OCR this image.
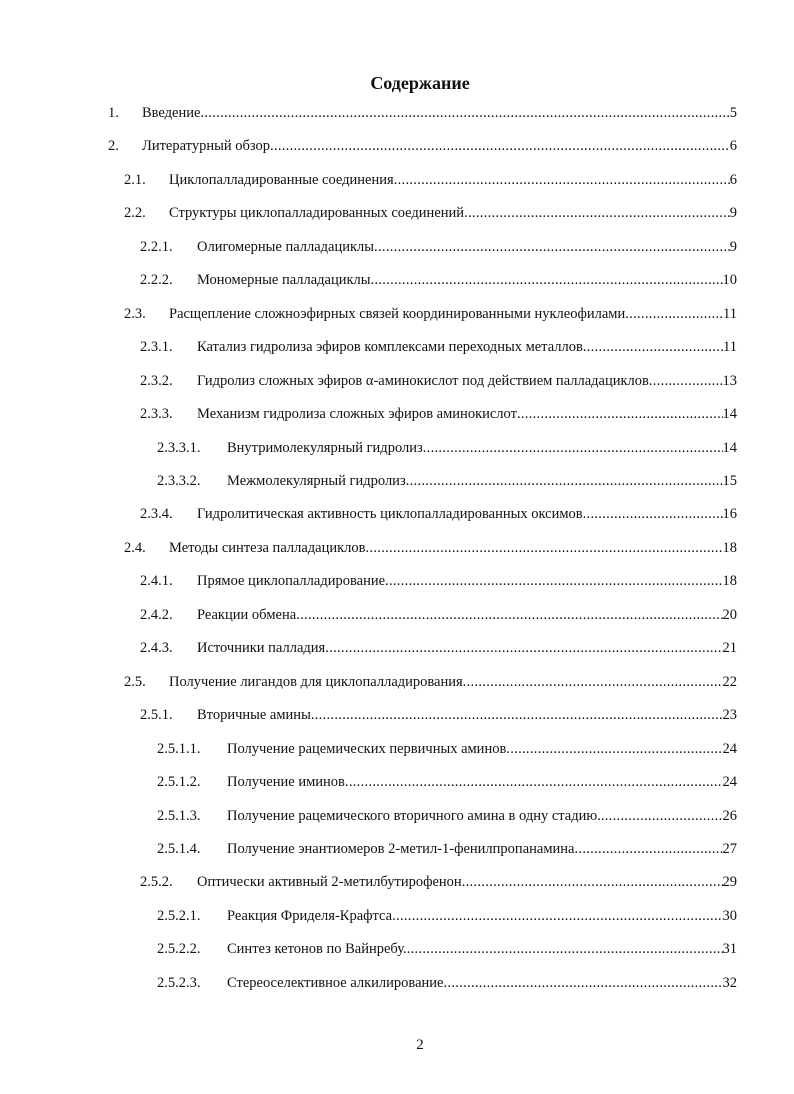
Содержание
1. Введение .....	5
2. Литературный обзор .....	6
2.1. Циклопалладированные соединения .....	6
2.2. Структуры циклопалладированных соединений .....	9
2.2.1. Олигомерные палладациклы .....	9
2.2.2. Мономерные палладациклы .....	10
2.3. Расщепление сложноэфирных связей координированными нуклеофилами .....	11
2.3.1. Катализ гидролиза эфиров комплексами переходных металлов .....	11
2.3.2. Гидролиз сложных эфиров α-аминокислот под действием палладациклов .....	13
2.3.3. Механизм гидролиза сложных эфиров аминокислот .....	14
2.3.3.1. Внутримолекулярный гидролиз .....	14
2.3.3.2. Межмолекулярный гидролиз .....	15
2.3.4. Гидролитическая активность циклопалладированных оксимов .....	16
2.4. Методы синтеза палладациклов .....	18
2.4.1. Прямое циклопалладирование .....	18
2.4.2. Реакции обмена .....	20
2.4.3. Источники палладия .....	21
2.5. Получение лигандов для циклопалладирования .....	22
2.5.1. Вторичные амины .....	23
2.5.1.1. Получение рацемических первичных аминов .....	24
2.5.1.2. Получение иминов .....	24
2.5.1.3. Получение рацемического вторичного амина в одну стадию. .....	26
2.5.1.4. Получение энантиомеров 2-метил-1-фенилпропанамина .....	27
2.5.2. Оптически активный 2-метилбутирофенон .....	29
2.5.2.1. Реакция Фриделя-Крафтса .....	30
2.5.2.2. Синтез кетонов по Вайнребу. .....	31
2.5.2.3. Стереоселективное алкилирование .....	32
2
